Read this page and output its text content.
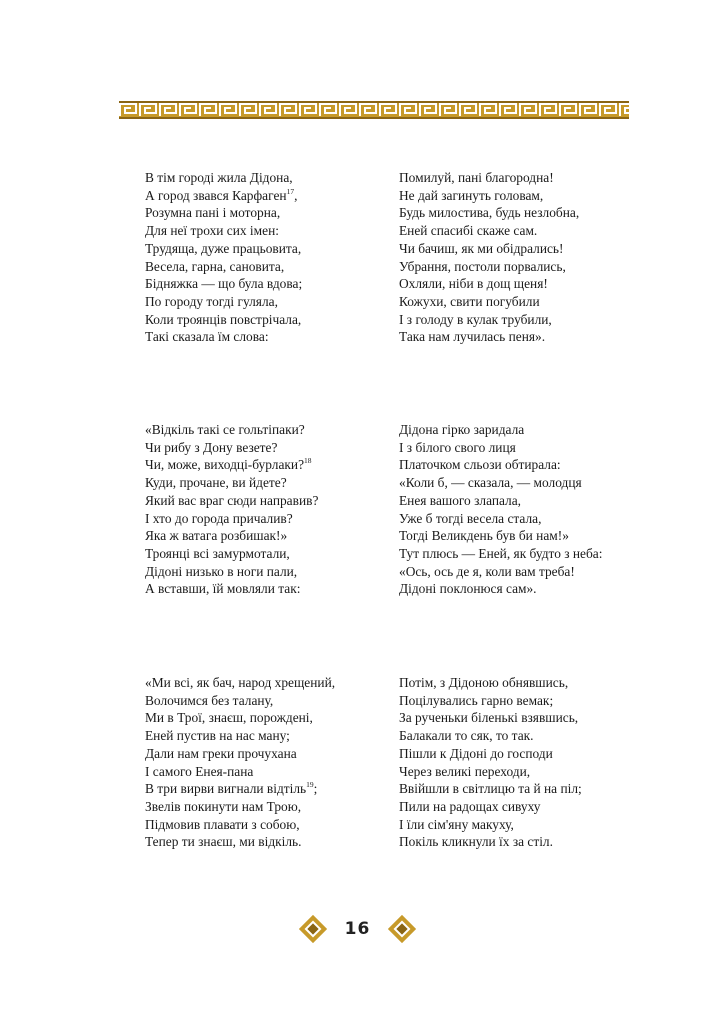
В тім городі жила Дідона,
А город звався Карфаген$^{17}$,
Розумна пані і моторна,
Для неї трохи сих імен:
Трудяща, дуже працьовита,
Весела, гарна, сановита,
Бідняжка — що була вдова;
По городу тогді гуляла,
Коли троянців повстрічала,
Такі сказала їм слова:
Помилуй, пані благородна!
Не дай загинуть головам,
Будь милостива, будь незлобна,
Еней спасибі скаже сам.
Чи бачиш, як ми обідрались!
Убрання, постоли порвались,
Охляли, ніби в дощ щеня!
Кожухи, свити погубили
І з голоду в кулак трубили,
Така нам лучилась пеня».
«Відкіль такі се гольтіпаки?
Чи рибу з Дону везете?
Чи, може, виходці-бурлаки?$^{18}$
Куди, прочане, ви йдете?
Який вас враг сюди направив?
І хто до города причалив?
Яка ж ватага розбишак!»
Троянці всі замурмотали,
Дідоні низько в ноги пали,
А вставши, їй мовляли так:
Дідона гірко заридала
І з білого свого лиця
Платочком сльози обтирала:
«Коли б, — сказала, — молодця
Енея вашого злапала,
Уже б тогді весела стала,
Тогді Великдень був би нам!»
Тут плюсь — Еней, як будто з неба:
«Ось, ось де я, коли вам треба!
Дідоні поклонюся сам».
«Ми всі, як бач, народ хрещений,
Волочимся без талану,
Ми в Трої, знаєш, порождені,
Еней пустив на нас ману;
Дали нам греки прочухана
І самого Енея-пана
В три вирви вигнали відтіль$^{19}$;
Звелів покинути нам Трою,
Підмовив плавати з собою,
Тепер ти знаєш, ми відкіль.
Потім, з Дідоною обнявшись,
Поцілувались гарно вемак;
За рученьки біленькі взявшись,
Балакали то сяк, то так.
Пішли к Дідоні до господи
Через великі переходи,
Ввійшли в світлицю та й на піл;
Пили на радощах сивуху
І їли сім'яну макуху,
Покіль кликнули їх за стіл.
16
